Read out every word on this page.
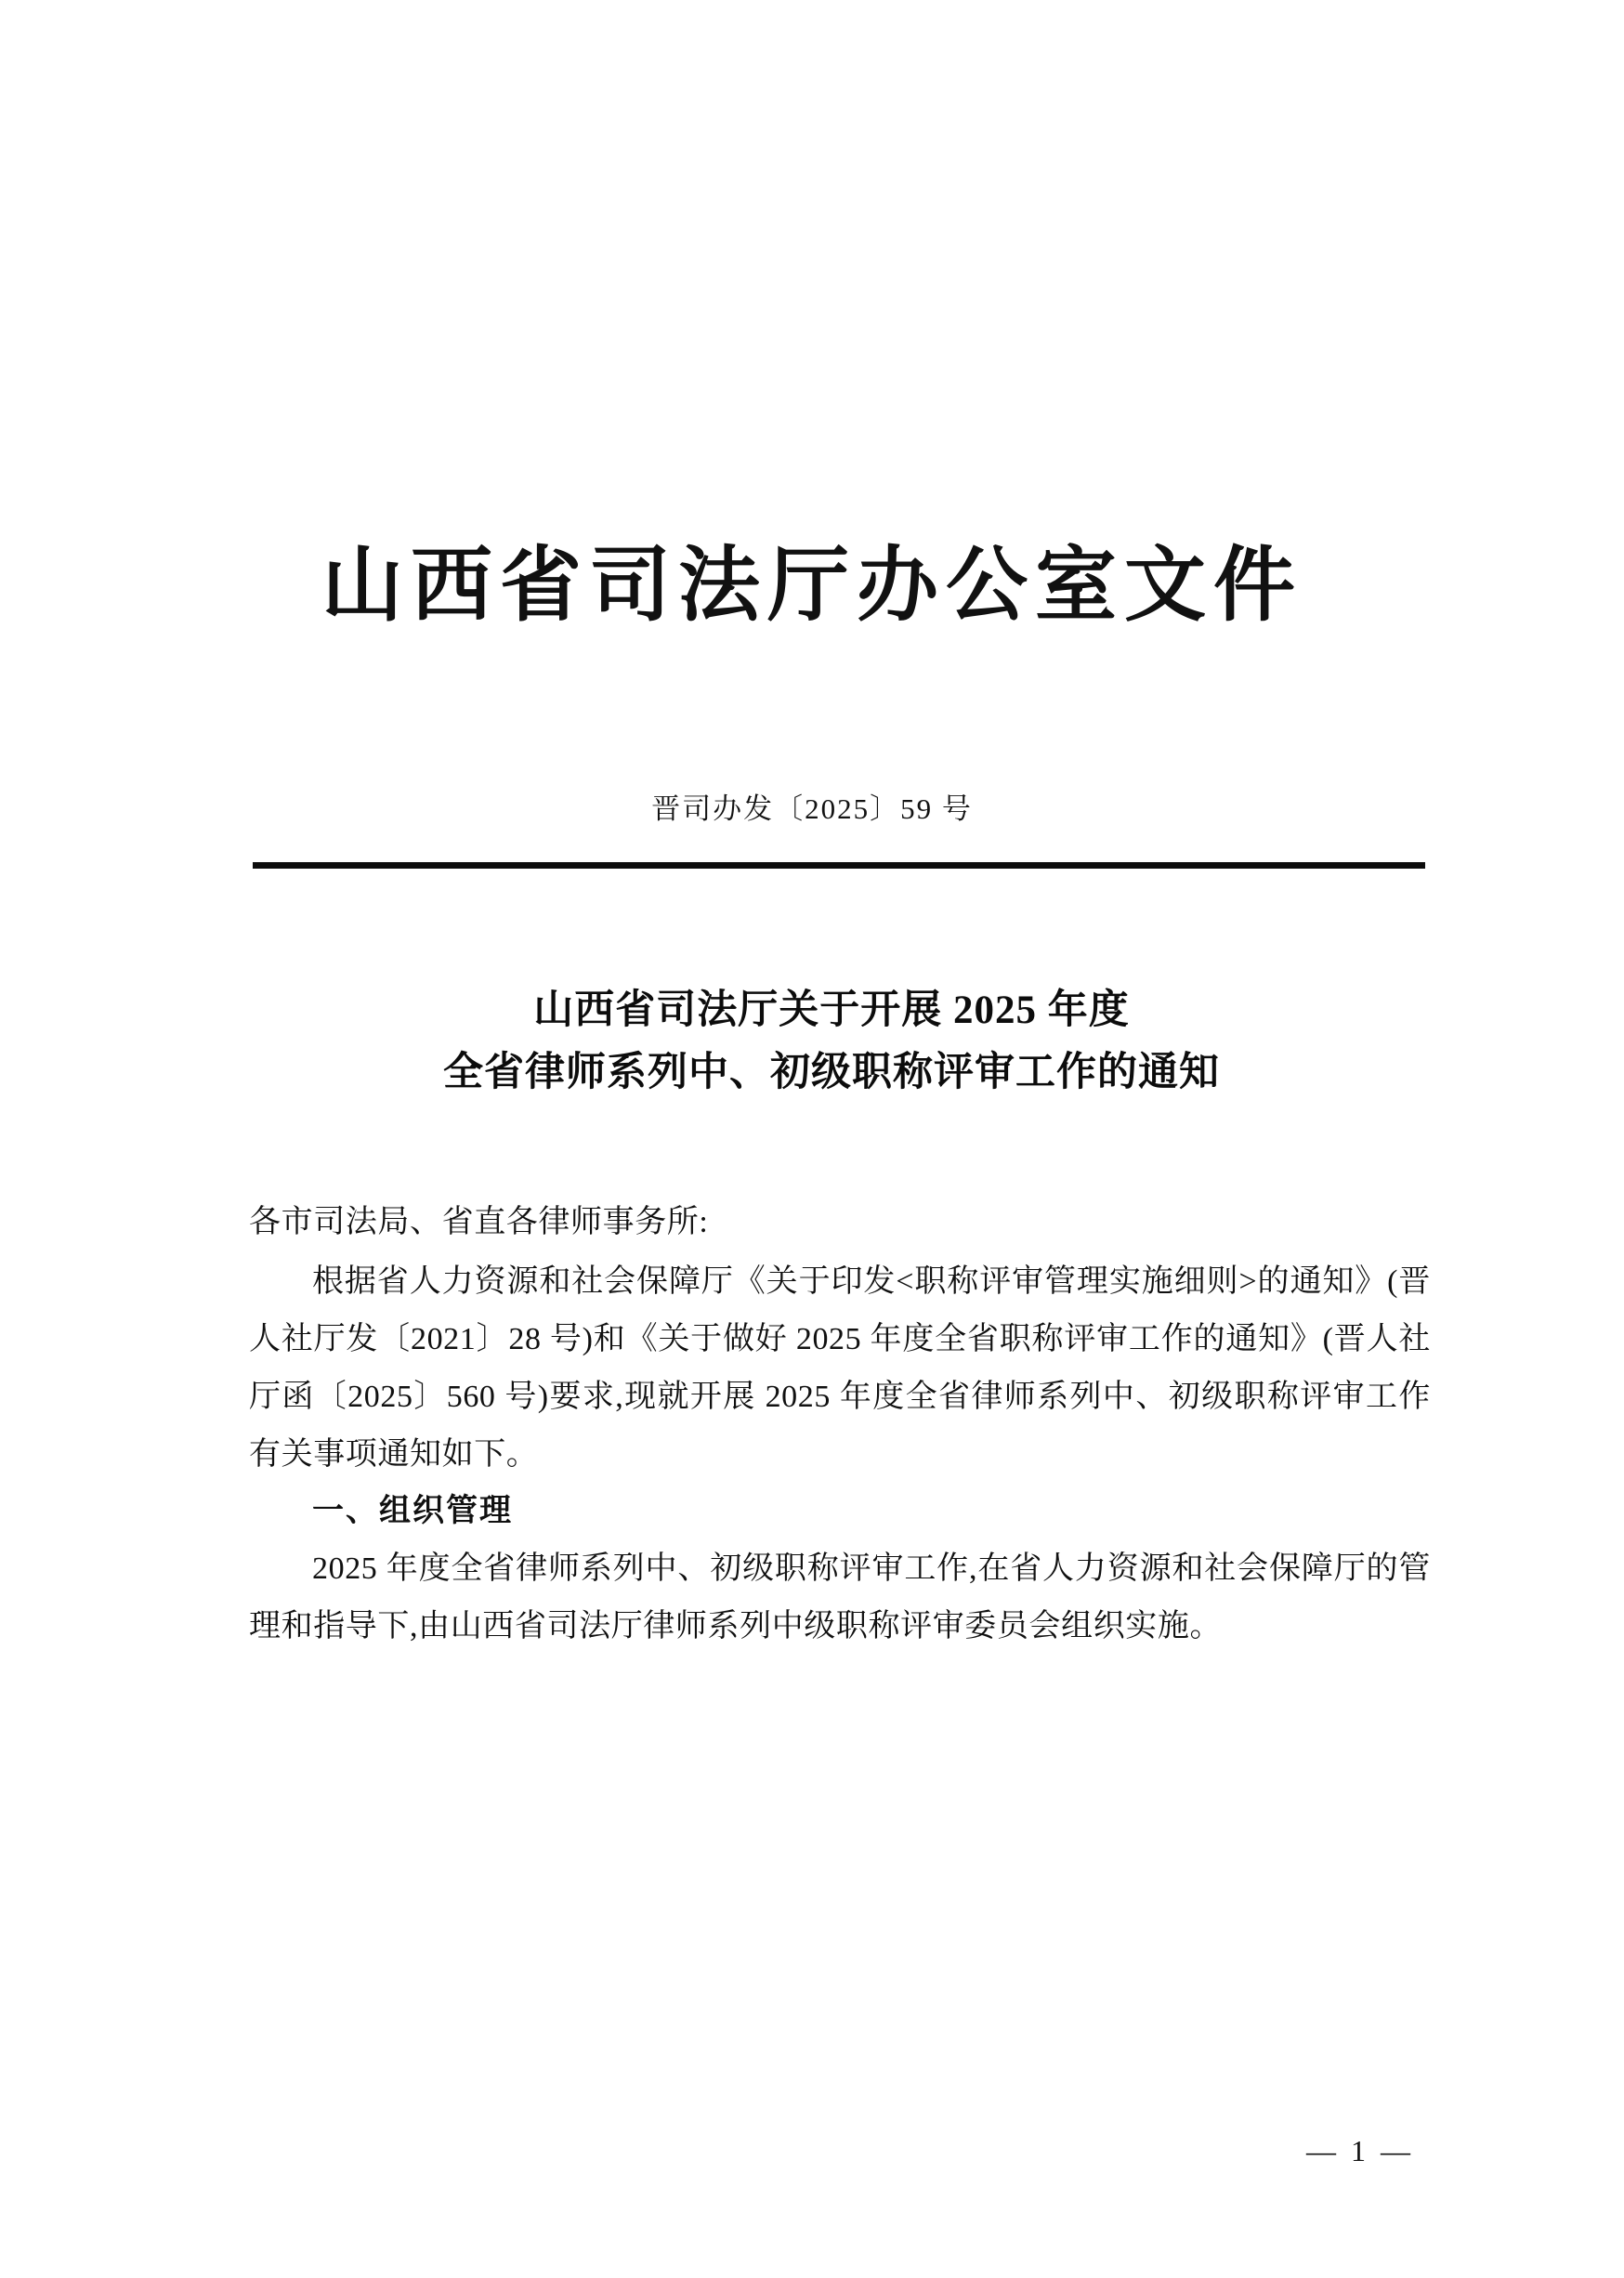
山西省司法厅办公室文件
晋司办发〔2025〕59 号
山西省司法厅关于开展 2025 年度
全省律师系列中、初级职称评审工作的通知

各市司法局、省直各律师事务所:

根据省人力资源和社会保障厅《关于印发<职称评审管理实施细则>的通知》(晋人社厅发〔2021〕28 号)和《关于做好 2025 年度全省职称评审工作的通知》(晋人社厅函〔2025〕560 号)要求,现就开展 2025 年度全省律师系列中、初级职称评审工作有关事项通知如下。

一、组织管理

2025 年度全省律师系列中、初级职称评审工作,在省人力资源和社会保障厅的管理和指导下,由山西省司法厅律师系列中级职称评审委员会组织实施。

— 1 —
